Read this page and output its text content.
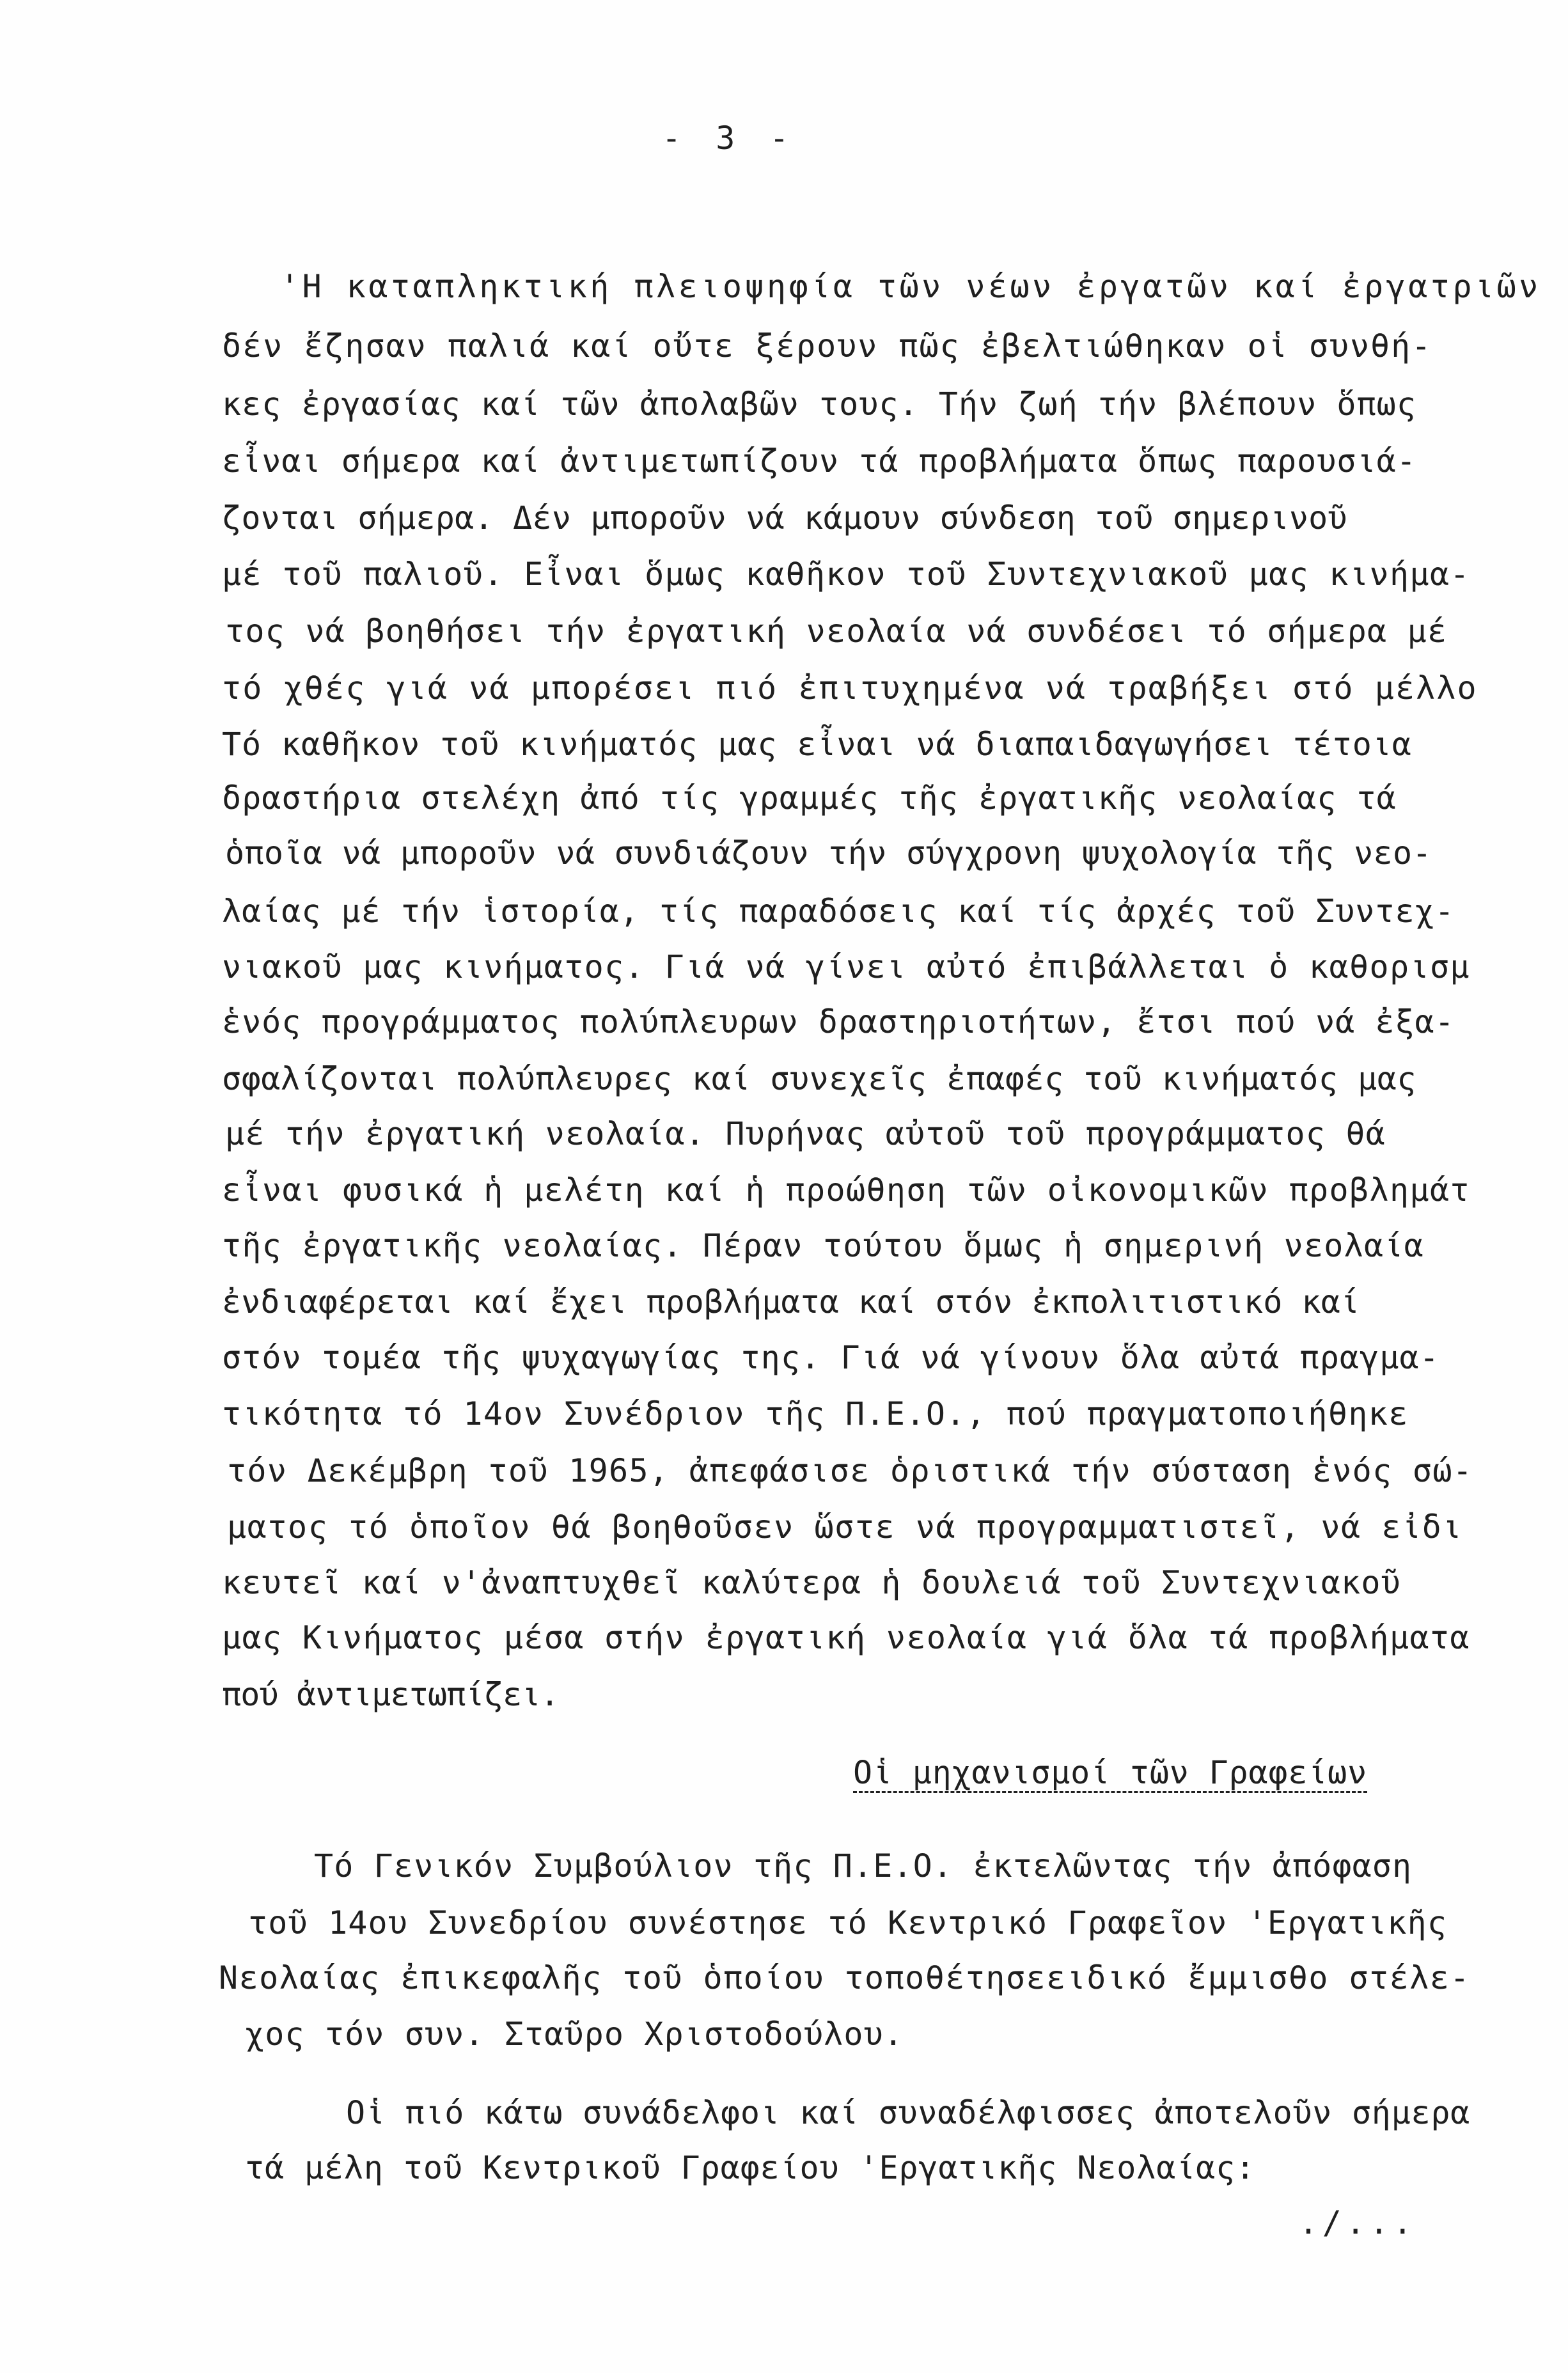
- 3 -
'Η καταπληκτική πλειοψηφία τῶν νέων ἐργατῶν καί ἐργατριῶν
δέν ἔζησαν παλιά καί οὔτε ξέρουν πῶς ἐβελτιώθηκαν οἱ συνθή-
κες ἐργασίας καί τῶν ἀπολαβῶν τους. Τήν ζωή τήν βλέπουν ὅπως
εἶναι σήμερα καί ἀντιμετωπίζουν τά προβλήματα ὅπως παρουσιά-
ζονται σήμερα. Δέν μποροῦν νά κάμουν σύνδεση τοῦ σημερινοῦ
μέ τοῦ παλιοῦ. Εἶναι ὅμως καθῆκον τοῦ Συντεχνιακοῦ μας κινήμα-
τος νά βοηθήσει τήν ἐργατική νεολαία νά συνδέσει τό σήμερα μέ
τό χθές γιά νά μπορέσει πιό ἐπιτυχημένα νά τραβήξει στό μέλλο
Τό καθῆκον τοῦ κινήματός μας εἶναι νά διαπαιδαγωγήσει τέτοια
δραστήρια στελέχη ἀπό τίς γραμμές τῆς ἐργατικῆς νεολαίας τά
ὁποῖα νά μποροῦν νά συνδιάζουν τήν σύγχρονη ψυχολογία τῆς νεο-
λαίας μέ τήν ἱστορία, τίς παραδόσεις καί τίς ἀρχές τοῦ Συντεχ-
νιακοῦ μας κινήματος. Γιά νά γίνει αὐτό ἐπιβάλλεται ὁ καθορισμ
ἑνός προγράμματος πολύπλευρων δραστηριοτήτων, ἔτσι πού νά ἐξα-
σφαλίζονται πολύπλευρες καί συνεχεῖς ἐπαφές τοῦ κινήματός μας
μέ τήν ἐργατική νεολαία. Πυρήνας αὐτοῦ τοῦ προγράμματος θά
εἶναι φυσικά ἡ μελέτη καί ἡ προώθηση τῶν οἰκονομικῶν προβλημάτ
τῆς ἐργατικῆς νεολαίας. Πέραν τούτου ὅμως ἡ σημερινή νεολαία
ἐνδιαφέρεται καί ἔχει προβλήματα καί στόν ἐκπολιτιστικό καί
στόν τομέα τῆς ψυχαγωγίας της. Γιά νά γίνουν ὅλα αὐτά πραγμα-
τικότητα τό 14ον Συνέδριον τῆς Π.Ε.Ο., πού πραγματοποιήθηκε
τόν Δεκέμβρη τοῦ 1965, ἀπεφάσισε ὁριστικά τήν σύσταση ἑνός σώ-
ματος τό ὁποῖον θά βοηθοῦσεν ὥστε νά προγραμματιστεῖ, νά εἰδι
κευτεῖ καί ν'ἀναπτυχθεῖ καλύτερα ἡ δουλειά τοῦ Συντεχνιακοῦ
μας Κινήματος μέσα στήν ἐργατική νεολαία γιά ὅλα τά προβλήματα
πού ἀντιμετωπίζει.
Οἱ μηχανισμοί τῶν Γραφείων
Τό Γενικόν Συμβούλιον τῆς Π.Ε.Ο. ἐκτελῶντας τήν ἀπόφαση
τοῦ 14ου Συνεδρίου συνέστησε τό Κεντρικό Γραφεῖον 'Εργατικῆς
Νεολαίας ἐπικεφαλῆς τοῦ ὁποίου τοποθέτησεειδικό ἔμμισθο στέλε-
χος τόν συν. Σταῦρο Χριστοδούλου.
Οἱ πιό κάτω συνάδελφοι καί συναδέλφισσες ἀποτελοῦν σήμερα
τά μέλη τοῦ Κεντρικοῦ Γραφείου 'Εργατικῆς Νεολαίας:
./...
